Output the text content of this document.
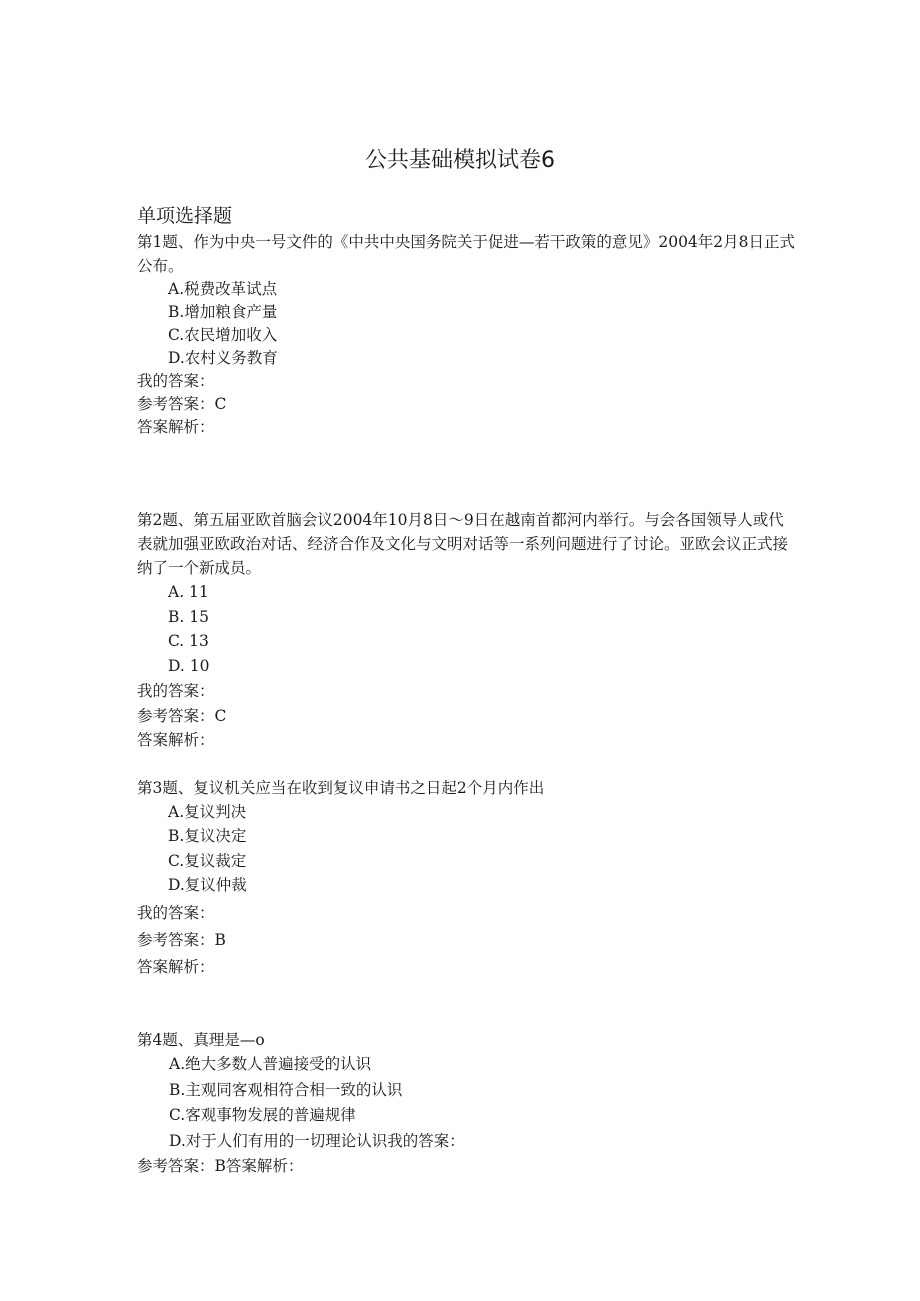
公共基础模拟试卷6
单项选择题

第1题、作为中央一号文件的《中共中央国务院关于促进—若干政策的意见》2004年2月8日正式公布。

A.税费改革试点
B.增加粮食产量
C.农民增加收入
D.农村义务教育

我的答案：

参考答案：C

答案解析：

第2题、第五届亚欧首脑会议2004年10月8日～9日在越南首都河内举行。与会各国领导人或代表就加强亚欧政治对话、经济合作及文化与文明对话等一系列问题进行了讨论。亚欧会议正式接纳了一个新成员。

A. 11
B. 15
C. 13
D. 10

我的答案：

参考答案：C

答案解析：

第3题、复议机关应当在收到复议申请书之日起2个月内作出

A.复议判决
B.复议决定
C.复议裁定
D.复议仲裁

我的答案：

参考答案：B

答案解析：

第4题、真理是—o

A.绝大多数人普遍接受的认识
B.主观同客观相符合相一致的认识
C.客观事物发展的普遍规律
D.对于人们有用的一切理论认识我的答案：

参考答案：B答案解析：
